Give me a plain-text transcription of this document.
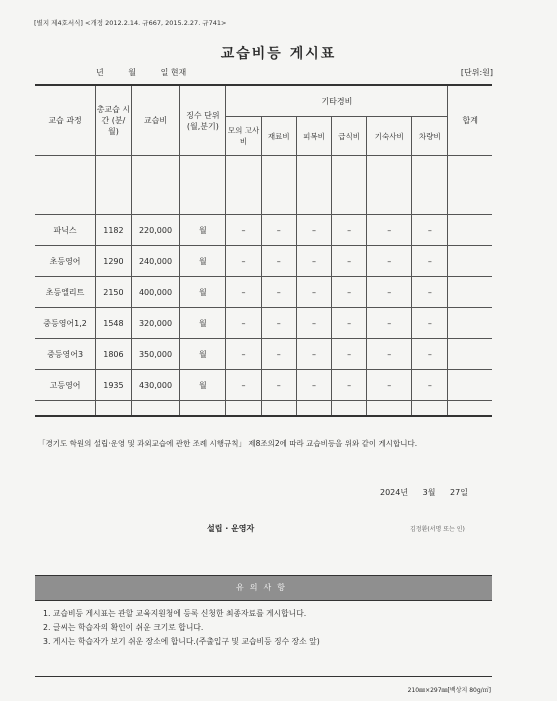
[별지 제4호서식] <개정 2012.2.14. 규667, 2015.2.27. 규741>
교습비등 게시표
년	월	일 현재	[단위:원]
교습 과정	총교습 시간 (분/월)	교습비	징수 단위 (월,분기)	기타경비						합계
				모의 고사비	재료비	피복비	급식비	기숙사비	차량비	

파닉스	1182	220,000	월	–	–	–	–	–	–	
초등영어	1290	240,000	월	–	–	–	–	–	–	
초등엘리트	2150	400,000	월	–	–	–	–	–	–	
중등영어1,2	1548	320,000	월	–	–	–	–	–	–	
중등영어3	1806	350,000	월	–	–	–	–	–	–	
고등영어	1935	430,000	월	–	–	–	–	–	–	

「경기도 학원의 설립·운영 및 과외교습에 관한 조례 시행규칙」 제8조의2에 따라 교습비등을 위와 같이 게시합니다.
2024년 3월 27일
설립 · 운영자	김정환(서명 또는 인)
유의사항
1. 교습비등 게시표는 관할 교육지원청에 등록 신청한 최종자료를 게시합니다.
2. 글씨는 학습자의 확인이 쉬운 크기로 합니다.
3. 게시는 학습자가 보기 쉬운 장소에 합니다.(주출입구 및 교습비등 징수 장소 앞)
210㎜×297㎜[백상지 80g/㎡]
